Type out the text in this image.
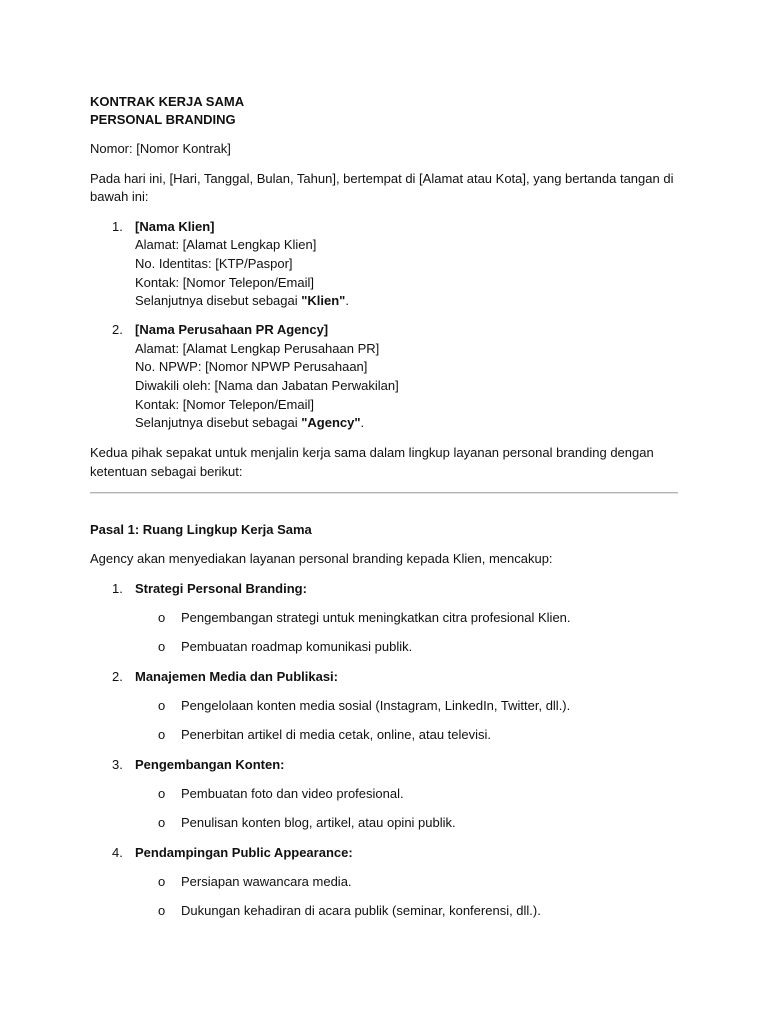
KONTRAK KERJA SAMA
PERSONAL BRANDING
Nomor: [Nomor Kontrak]
Pada hari ini, [Hari, Tanggal, Bulan, Tahun], bertempat di [Alamat atau Kota], yang bertanda tangan di
bawah ini:
1. [Nama Klien]
Alamat: [Alamat Lengkap Klien]
No. Identitas: [KTP/Paspor]
Kontak: [Nomor Telepon/Email]
Selanjutnya disebut sebagai "Klien".
2. [Nama Perusahaan PR Agency]
Alamat: [Alamat Lengkap Perusahaan PR]
No. NPWP: [Nomor NPWP Perusahaan]
Diwakili oleh: [Nama dan Jabatan Perwakilan]
Kontak: [Nomor Telepon/Email]
Selanjutnya disebut sebagai "Agency".
Kedua pihak sepakat untuk menjalin kerja sama dalam lingkup layanan personal branding dengan
ketentuan sebagai berikut:
Pasal 1: Ruang Lingkup Kerja Sama
Agency akan menyediakan layanan personal branding kepada Klien, mencakup:
1. Strategi Personal Branding:
o Pengembangan strategi untuk meningkatkan citra profesional Klien.
o Pembuatan roadmap komunikasi publik.
2. Manajemen Media dan Publikasi:
o Pengelolaan konten media sosial (Instagram, LinkedIn, Twitter, dll.).
o Penerbitan artikel di media cetak, online, atau televisi.
3. Pengembangan Konten:
o Pembuatan foto dan video profesional.
o Penulisan konten blog, artikel, atau opini publik.
4. Pendampingan Public Appearance:
o Persiapan wawancara media.
o Dukungan kehadiran di acara publik (seminar, konferensi, dll.).
